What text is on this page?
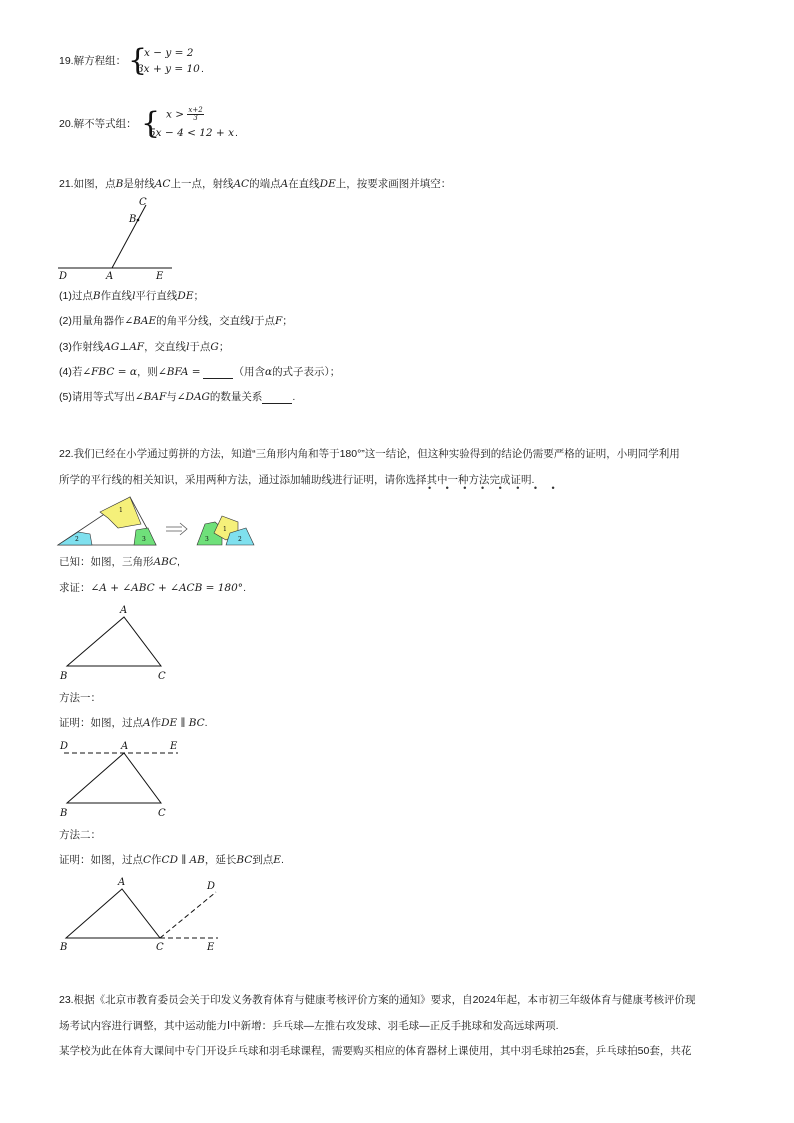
19.解方程组： {
x − y = 2
3x + y = 10 .
20.解不等式组： { $x > \frac{x+2}{3}$
5x − 4 < 12 + x .
21.如图，点B是射线AC上一点，射线AC的端点A在直线DE上，按要求画图并填空：
C
B
D	A	E
(1)过点B作直线l平行直线DE；
(2)用量角器作∠BAE的角平分线，交直线l于点F；
(3)作射线AG⊥AF，交直线l于点G；
(4)若∠FBC = α，则∠BFA =	（用含α的式子表示）；
(5)请用等式写出∠BAF与∠DAG的数量关系	.
22.我们已经在小学通过剪拼的方法，知道“三角形内角和等于180°”这一结论，但这种实验得到的结论仍需要严格的证明，小明同学利用
所学的平行线的相关知识，采用两种方法，通过添加辅助线进行证明，请你选择其中一种方法完成证明.
• • • • • • • •
1
2	3	3
1
2
已知：如图，三角形ABC,
求证：∠A + ∠ABC + ∠ACB = 180°.
A
B	C
方法一：
证明：如图，过点A作DE ∥ BC.
D	A	E
B	C
方法二：
证明：如图，过点C作CD ∥ AB，延长BC到点E.
A	D
B	C	E
23.根据《北京市教育委员会关于印发义务教育体育与健康考核评价方案的通知》要求，自2024年起，本市初三年级体育与健康考核评价现
场考试内容进行调整，其中运动能力Ⅰ中新增：乒乓球—左推右攻发球、羽毛球—正反手挑球和发高远球两项.
某学校为此在体育大课间中专门开设乒乓球和羽毛球课程，需要购买相应的体育器材上课使用，其中羽毛球拍25套，乒乓球拍50套，共花
